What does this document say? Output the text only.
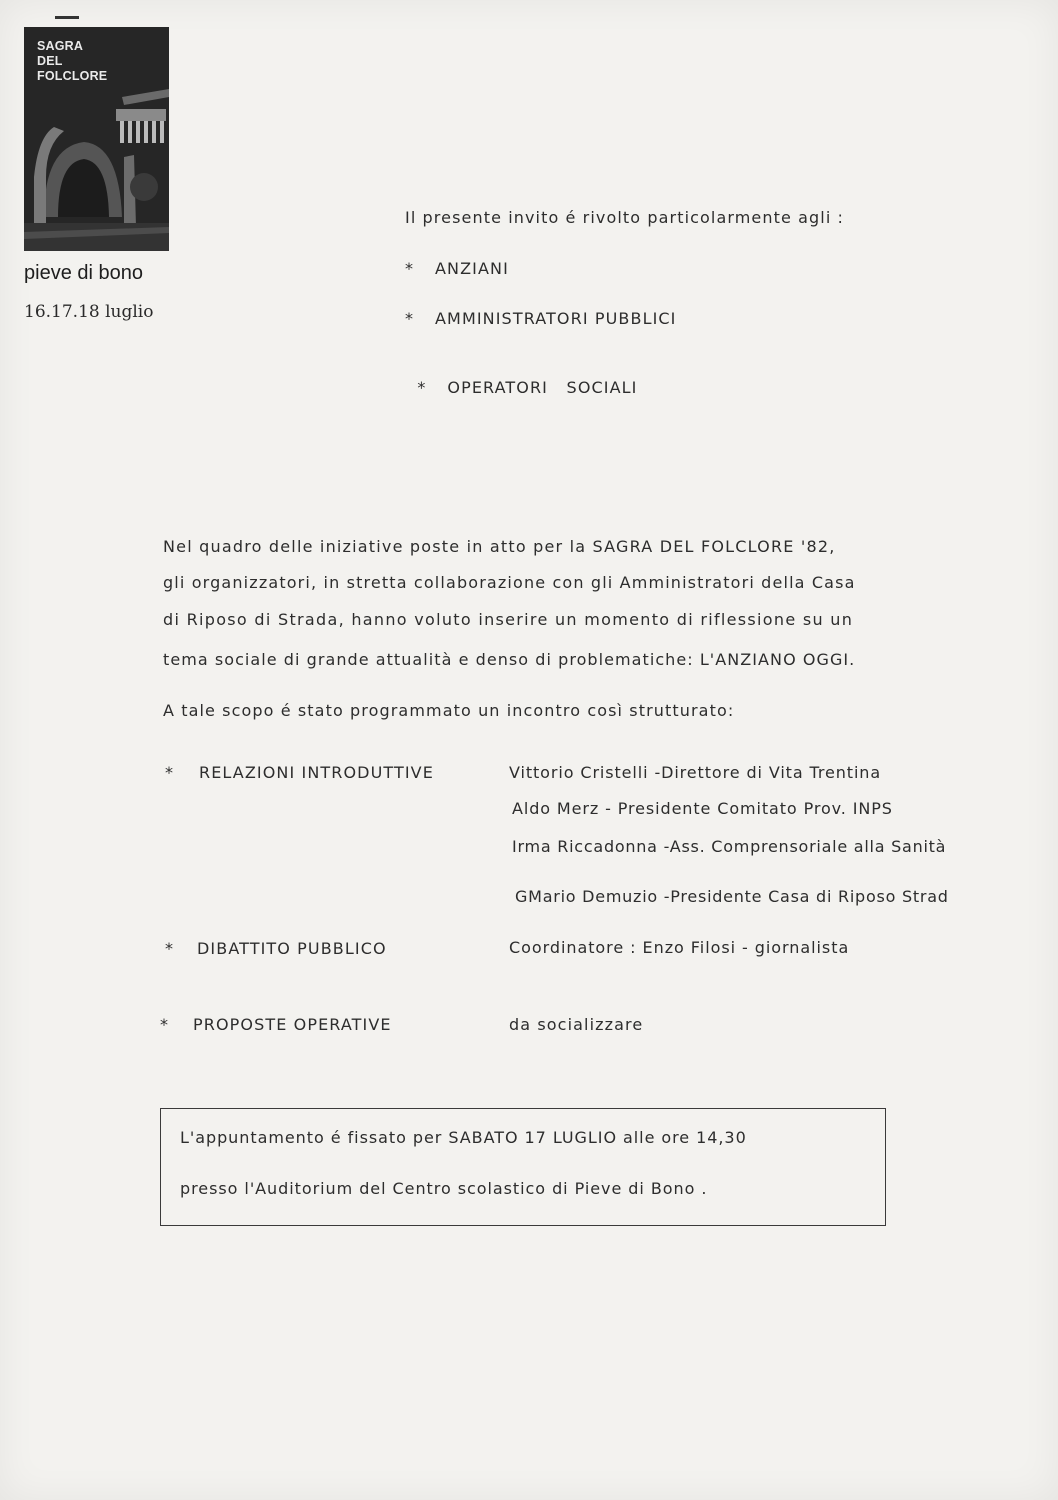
SAGRA
DEL
FOLCLORE
pieve di bono
16.17.18 luglio
Il presente invito é rivolto particolarmente agli :
* ANZIANI
* AMMINISTRATORI PUBBLICI

* OPERATORI   SOCIALI

Nel quadro delle iniziative poste in atto per la SAGRA DEL FOLCLORE '82,
gli organizzatori, in stretta collaborazione con gli Amministratori della Casa
di Riposo di Strada, hanno voluto inserire un momento di riflessione su un
tema sociale di grande attualità e denso di problematiche: L'ANZIANO OGGI.
A tale scopo é stato programmato un incontro così strutturato:
* RELAZIONI INTRODUTTIVE	Vittorio Cristelli -Direttore di Vita Trentina
Aldo Merz - Presidente Comitato Prov. INPS
Irma Riccadonna -Ass. Comprensoriale alla Sanità
GMario Demuzio -Presidente Casa di Riposo Strad
* DIBATTITO PUBBLICO	Coordinatore : Enzo Filosi - giornalista
* PROPOSTE OPERATIVE	da socializzare
L'appuntamento é fissato per SABATO 17 LUGLIO alle ore 14,30
presso l'Auditorium del Centro scolastico di Pieve di Bono .
